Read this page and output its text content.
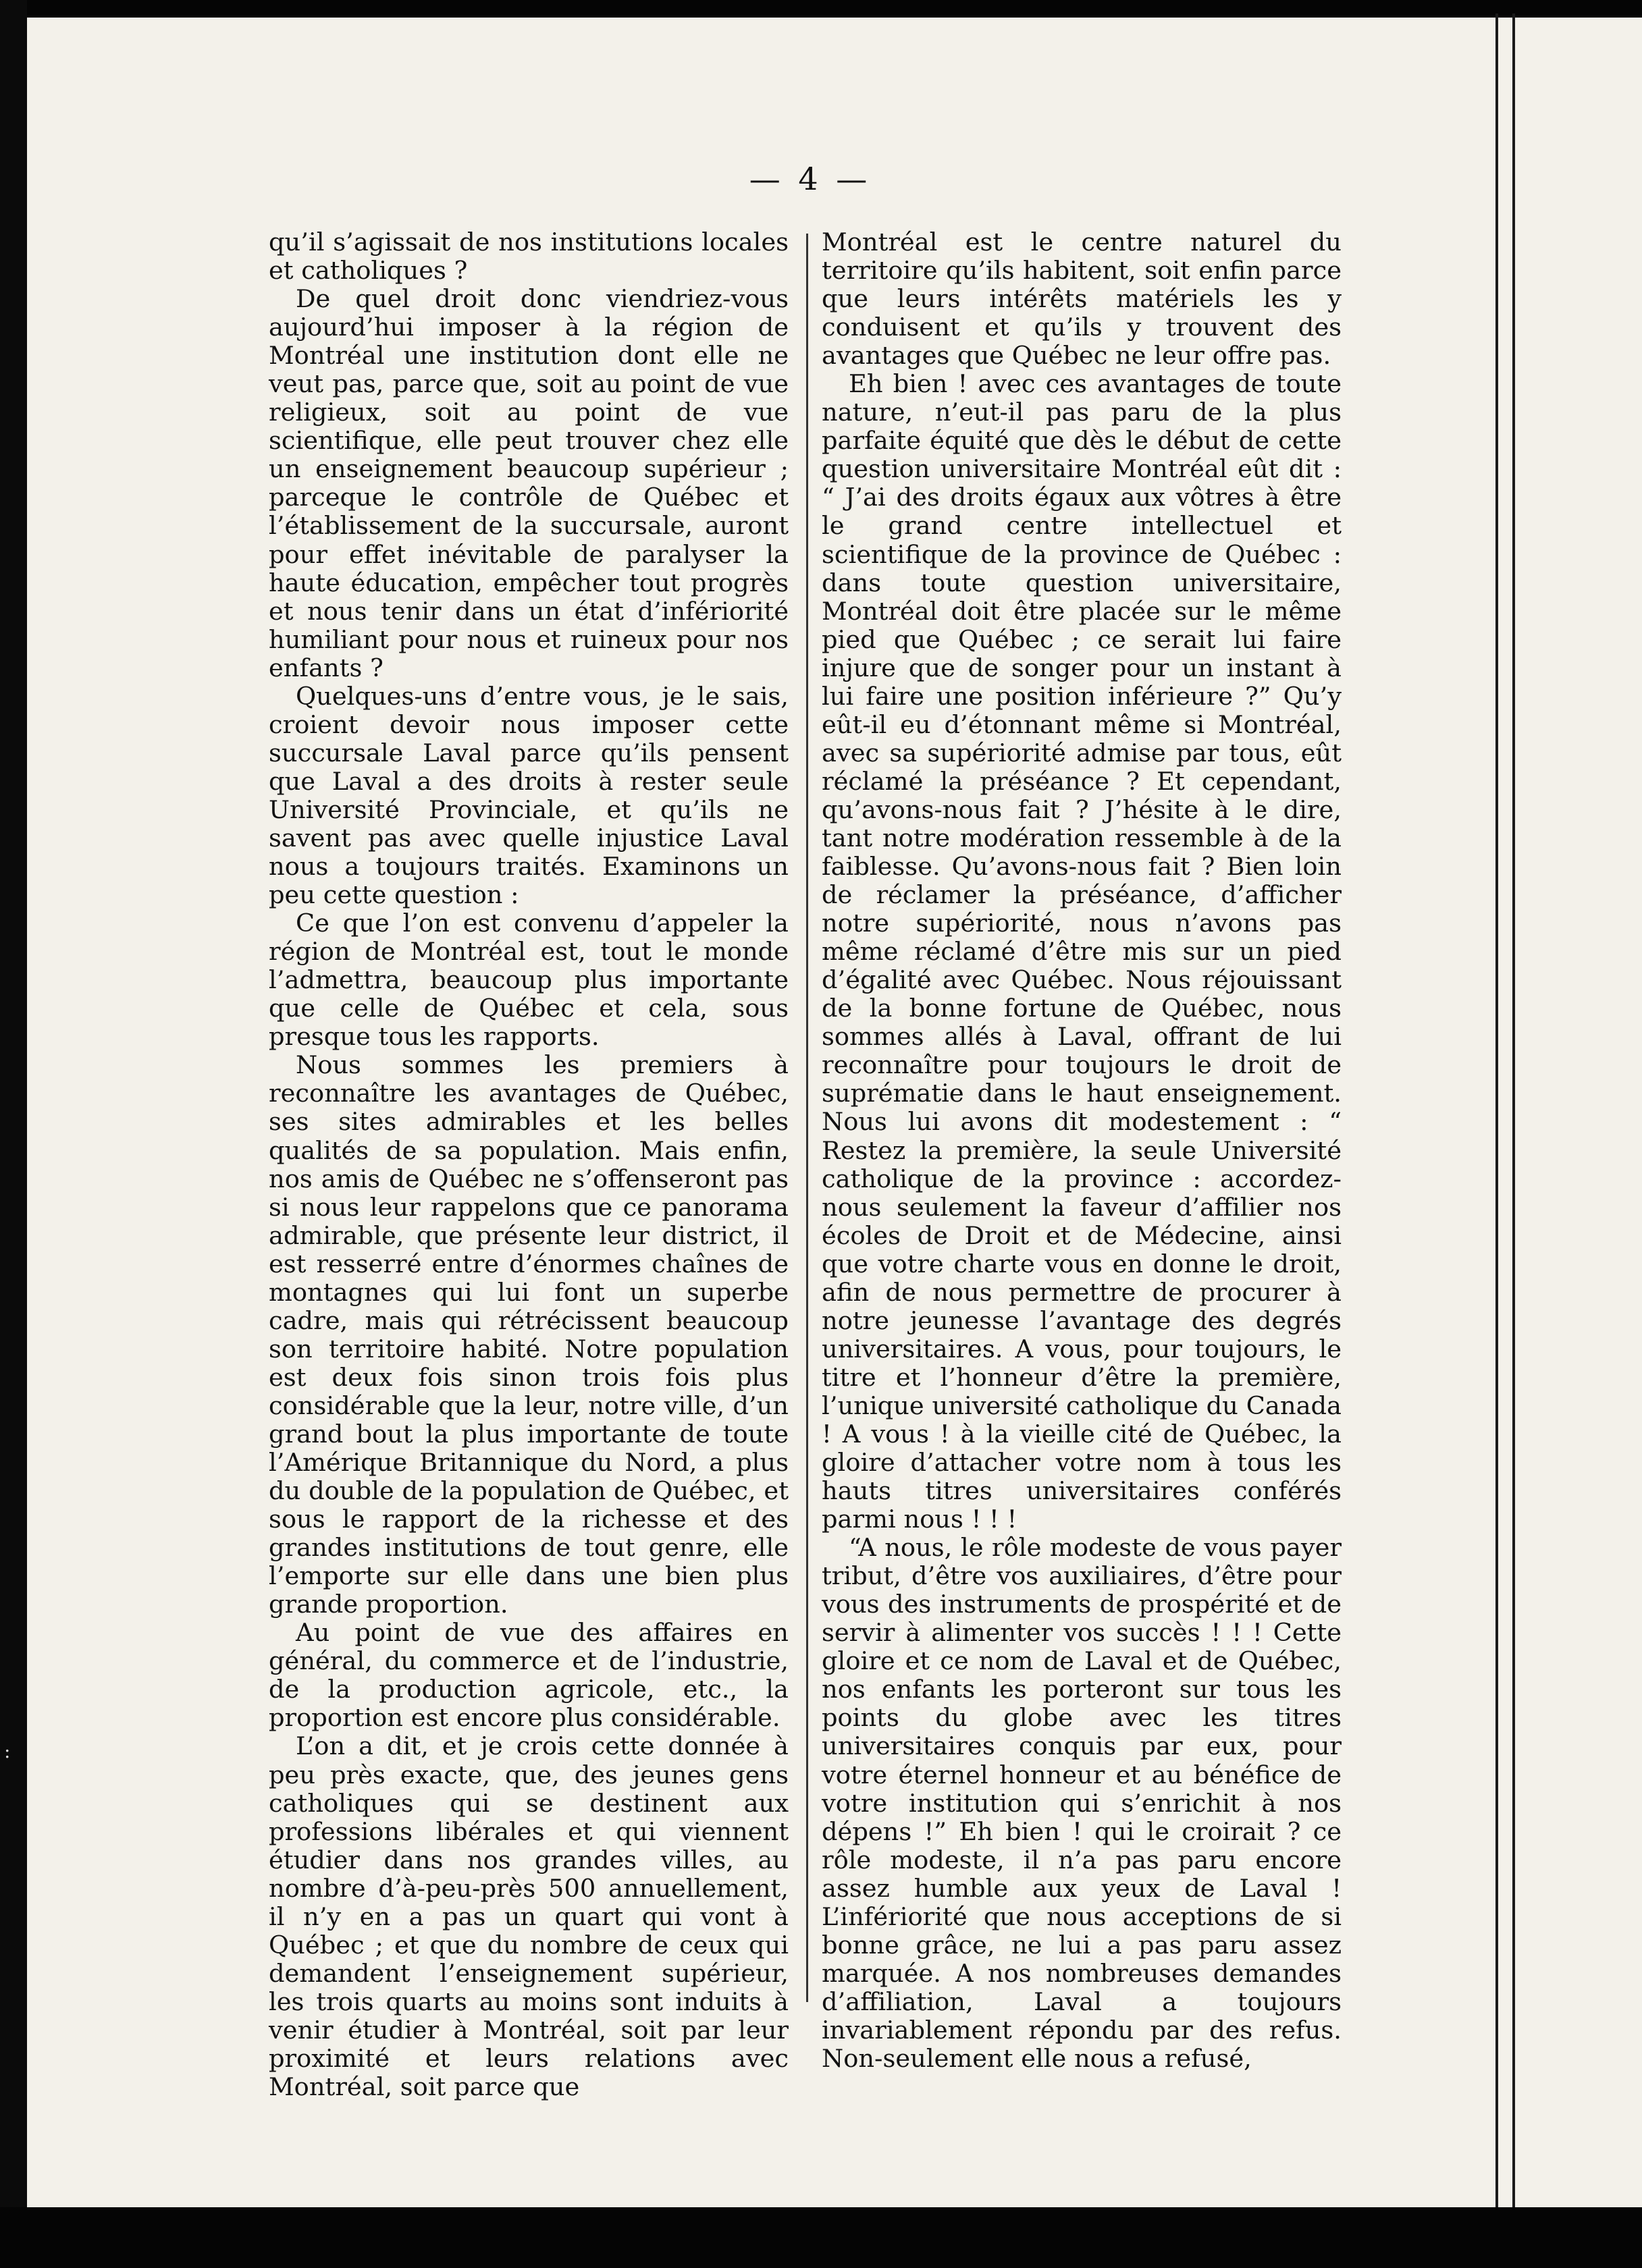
:
— 4 —

qu’il s’agissait de nos institutions locales et catholiques ?

De quel droit donc viendriez-vous aujourd’hui imposer à la région de Montréal une institution dont elle ne veut pas, parce que, soit au point de vue religieux, soit au point de vue scientifique, elle peut trouver chez elle un enseignement beaucoup supérieur ; parceque le contrôle de Québec et l’établissement de la succursale, auront pour effet inévitable de paralyser la haute éducation, empêcher tout progrès et nous tenir dans un état d’infériorité humiliant pour nous et ruineux pour nos enfants ?

Quelques-uns d’entre vous, je le sais, croient devoir nous imposer cette succursale Laval parce qu’ils pensent que Laval a des droits à rester seule Université Provinciale, et qu’ils ne savent pas avec quelle injustice Laval nous a toujours traités. Examinons un peu cette question :

Ce que l’on est convenu d’appeler la région de Montréal est, tout le monde l’admettra, beaucoup plus importante que celle de Québec et cela, sous presque tous les rapports.

Nous sommes les premiers à reconnaître les avantages de Québec, ses sites admirables et les belles qualités de sa population. Mais enfin, nos amis de Québec ne s’offenseront pas si nous leur rappelons que ce panorama admirable, que présente leur district, il est resserré entre d’énormes chaînes de montagnes qui lui font un superbe cadre, mais qui rétrécissent beaucoup son territoire habité. Notre population est deux fois sinon trois fois plus considérable que la leur, notre ville, d’un grand bout la plus importante de toute l’Amérique Britannique du Nord, a plus du double de la population de Québec, et sous le rapport de la richesse et des grandes institutions de tout genre, elle l’emporte sur elle dans une bien plus grande proportion.

Au point de vue des affaires en général, du commerce et de l’industrie, de la production agricole, etc., la proportion est encore plus considérable.

L’on a dit, et je crois cette donnée à peu près exacte, que, des jeunes gens catholiques qui se destinent aux professions libérales et qui viennent étudier dans nos grandes villes, au nombre d’à-peu-près 500 annuellement, il n’y en a pas un quart qui vont à Québec ; et que du nombre de ceux qui demandent l’enseignement supérieur, les trois quarts au moins sont induits à venir étudier à Montréal, soit par leur proximité et leurs relations avec Montréal, soit parce que

Montréal est le centre naturel du territoire qu’ils habitent, soit enfin parce que leurs intérêts matériels les y conduisent et qu’ils y trouvent des avantages que Québec ne leur offre pas.

Eh bien ! avec ces avantages de toute nature, n’eut-il pas paru de la plus parfaite équité que dès le début de cette question universitaire Montréal eût dit : “ J’ai des droits égaux aux vôtres à être le grand centre intellectuel et scientifique de la province de Québec : dans toute question universitaire, Montréal doit être placée sur le même pied que Québec ; ce serait lui faire injure que de songer pour un instant à lui faire une position inférieure ?” Qu’y eût-il eu d’étonnant même si Montréal, avec sa supériorité admise par tous, eût réclamé la préséance ? Et cependant, qu’avons-nous fait ? J’hésite à le dire, tant notre modération ressemble à de la faiblesse. Qu’avons-nous fait ? Bien loin de réclamer la préséance, d’afficher notre supériorité, nous n’avons pas même réclamé d’être mis sur un pied d’égalité avec Québec. Nous réjouissant de la bonne fortune de Québec, nous sommes allés à Laval, offrant de lui reconnaître pour toujours le droit de suprématie dans le haut enseignement. Nous lui avons dit modestement : “ Restez la première, la seule Université catholique de la province : accordez-nous seulement la faveur d’affilier nos écoles de Droit et de Médecine, ainsi que votre charte vous en donne le droit, afin de nous permettre de procurer à notre jeunesse l’avantage des degrés universitaires. A vous, pour toujours, le titre et l’honneur d’être la première, l’unique université catholique du Canada ! A vous ! à la vieille cité de Québec, la gloire d’attacher votre nom à tous les hauts titres universitaires conférés parmi nous ! ! !

“A nous, le rôle modeste de vous payer tribut, d’être vos auxiliaires, d’être pour vous des instruments de prospérité et de servir à alimenter vos succès ! ! ! Cette gloire et ce nom de Laval et de Québec, nos enfants les porteront sur tous les points du globe avec les titres universitaires conquis par eux, pour votre éternel honneur et au bénéfice de votre institution qui s’enrichit à nos dépens !” Eh bien ! qui le croirait ? ce rôle modeste, il n’a pas paru encore assez humble aux yeux de Laval ! L’infériorité que nous acceptions de si bonne grâce, ne lui a pas paru assez marquée. A nos nombreuses demandes d’affiliation, Laval a toujours invariablement répondu par des refus. Non-seulement elle nous a refusé,
